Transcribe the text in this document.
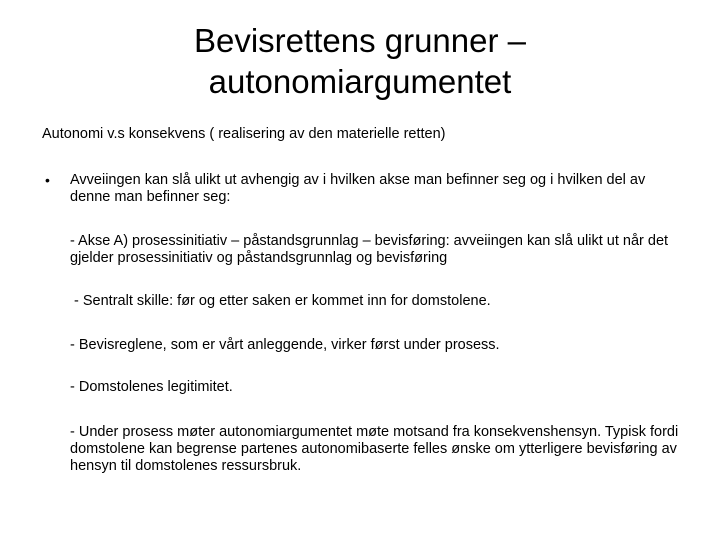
Bevisrettens grunner –
autonomiargumentet

Autonomi v.s konsekvens ( realisering av den materielle retten)

• Avveiingen kan slå ulikt ut avhengig av i hvilken akse man befinner seg og i hvilken del av denne man befinner seg:

- Akse A) prosessinitiativ – påstandsgrunnlag – bevisføring: avveiingen kan slå ulikt ut når det gjelder prosessinitiativ og påstandsgrunnlag og bevisføring

- Sentralt skille: før og etter saken er kommet inn for domstolene.

- Bevisreglene, som er vårt anleggende, virker først under prosess.

- Domstolenes legitimitet.

- Under prosess møter autonomiargumentet møte motsand fra konsekvenshensyn. Typisk fordi domstolene kan begrense partenes autonomibaserte felles ønske om ytterligere bevisføring av hensyn til domstolenes ressursbruk.
